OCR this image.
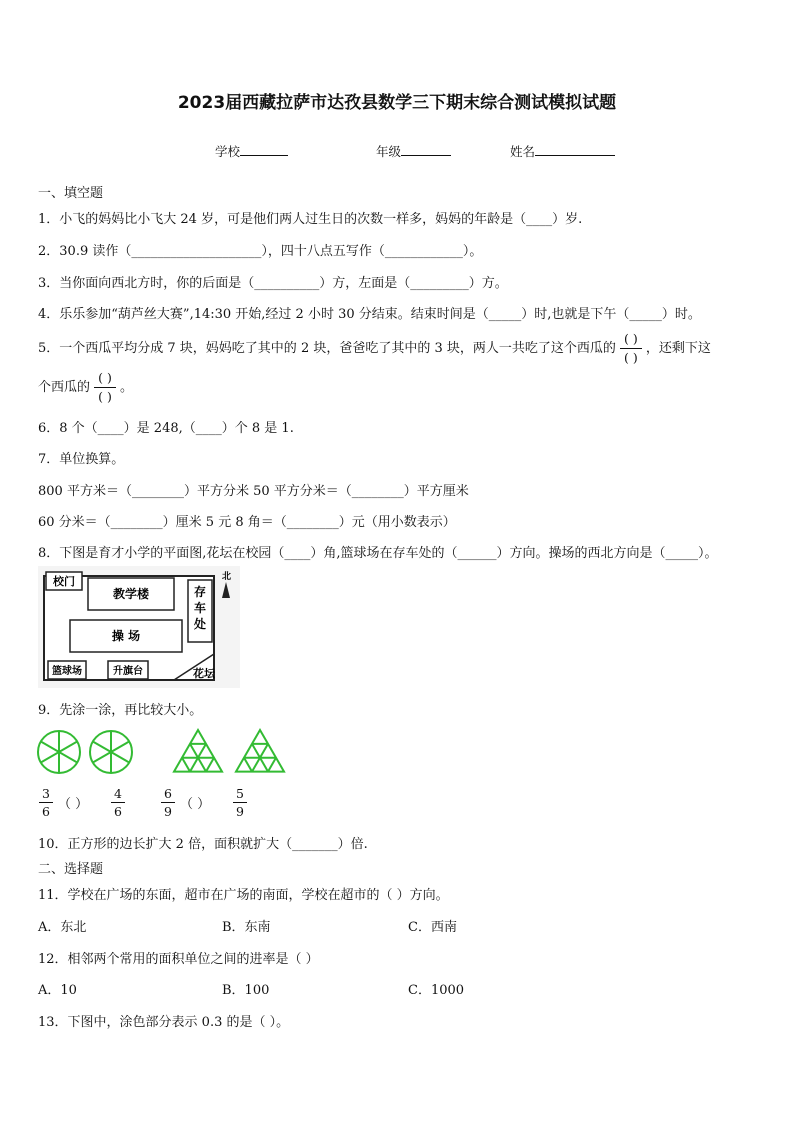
2023届西藏拉萨市达孜县数学三下期末综合测试模拟试题
学校	年级	姓名
一、填空题
1．小飞的妈妈比小飞大 24 岁，可是他们两人过生日的次数一样多，妈妈的年龄是（____）岁.
2．30.9 读作（____________________），四十八点五写作（____________）。
3．当你面向西北方时，你的后面是（__________）方，左面是（_________）方。
4．乐乐参加“葫芦丝大赛”,14:30 开始,经过 2 小时 30 分结束。结束时间是（_____）时,也就是下午（_____）时。
5．一个西瓜平均分成 7 块，妈妈吃了其中的 2 块，爸爸吃了其中的 3 块，两人一共吃了这个西瓜的 $\frac{( )}{( )}$ ，还剩下这
个西瓜的 $\frac{( )}{( )}$ 。
6．8 个（____）是 248,（____）个 8 是 1.
7．单位换算。
800 平方米＝（________）平方分米 50 平方分米＝（________）平方厘米
60 分米＝（________）厘米 5 元 8 角＝（________）元（用小数表示）
8．下图是育才小学的平面图,花坛在校园（____）角,篮球场在存车处的（______）方向。操场的西北方向是（_____）。
校门
教学楼	存
车
处
操 场
篮球场	升旗台	花坛
北
9．先涂一涂，再比较大小。
3
6 （ ）
4
6
6
9 （ ）
5
9
10．正方形的边长扩大 2 倍，面积就扩大（_______）倍.
二、选择题
11．学校在广场的东面，超市在广场的南面，学校在超市的（ ）方向。
A．东北	B．东南	C．西南
12．相邻两个常用的面积单位之间的进率是（ ）
A．10	B．100	C．1000
13．下图中，涂色部分表示 0.3 的是（ ）。
